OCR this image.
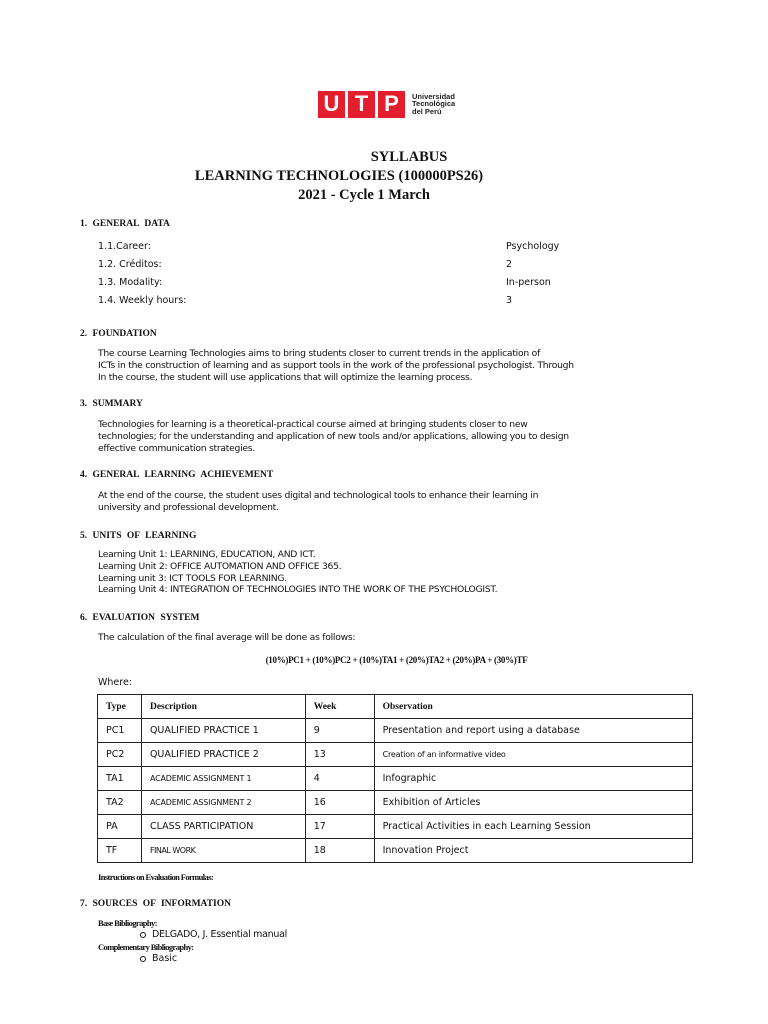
U T P	Universidad
Tecnológica
del Perú
SYLLABUS
LEARNING TECHNOLOGIES (100000PS26)
2021 - Cycle 1 March
1. GENERAL DATA
1.1.Career:	Psychology
1.2. Créditos:	2
1.3. Modality:	In-person
1.4. Weekly hours:	3
2. FOUNDATION
The course Learning Technologies aims to bring students closer to current trends in the application of
ICTs in the construction of learning and as support tools in the work of the professional psychologist. Through
In the course, the student will use applications that will optimize the learning process.
3. SUMMARY
Technologies for learning is a theoretical-practical course aimed at bringing students closer to new
technologies; for the understanding and application of new tools and/or applications, allowing you to design
effective communication strategies.
4. GENERAL LEARNING ACHIEVEMENT
At the end of the course, the student uses digital and technological tools to enhance their learning in
university and professional development.
5. UNITS OF LEARNING
Learning Unit 1: LEARNING, EDUCATION, AND ICT.
Learning Unit 2: OFFICE AUTOMATION AND OFFICE 365.
Learning unit 3: ICT TOOLS FOR LEARNING.
Learning Unit 4: INTEGRATION OF TECHNOLOGIES INTO THE WORK OF THE PSYCHOLOGIST.
6. EVALUATION SYSTEM
The calculation of the final average will be done as follows:
(10%)PC1 + (10%)PC2 + (10%)TA1 + (20%)TA2 + (20%)PA + (30%)TF
Where:
Type	Description	Week	Observation
PC1	QUALIFIED PRACTICE 1	9	Presentation and report using a database
PC2	QUALIFIED PRACTICE 2	13	Creation of an informative video
TA1	ACADEMIC ASSIGNMENT 1	4	Infographic
TA2	ACADEMIC ASSIGNMENT 2	16	Exhibition of Articles
PA	CLASS PARTICIPATION	17	Practical Activities in each Learning Session
TF	FINAL WORK	18	Innovation Project
Instructions on Evaluation Formulas:
7. SOURCES OF INFORMATION
Base Bibliography:
DELGADO, J. Essential manual
Complementary Bibliography:
Basic
